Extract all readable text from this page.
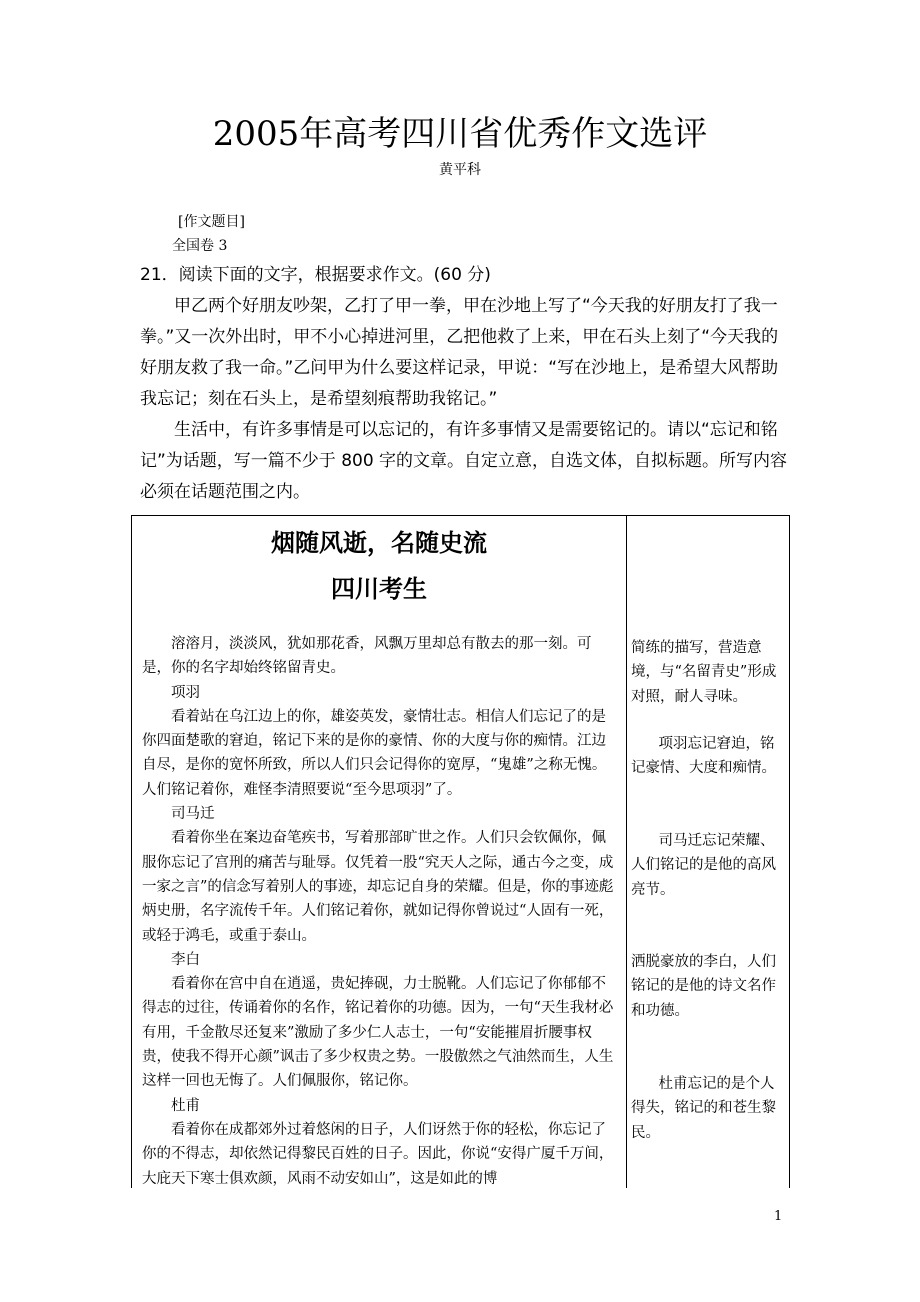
2005年高考四川省优秀作文选评
黄平科
[作文题目]
全国卷 3

21．阅读下面的文字，根据要求作文。(60 分)

甲乙两个好朋友吵架，乙打了甲一拳，甲在沙地上写了“今天我的好朋友打了我一拳。”又一次外出时，甲不小心掉进河里，乙把他救了上来，甲在石头上刻了“今天我的好朋友救了我一命。”乙问甲为什么要这样记录，甲说：“写在沙地上，是希望大风帮助我忘记；刻在石头上，是希望刻痕帮助我铭记。”

生活中，有许多事情是可以忘记的，有许多事情又是需要铭记的。请以“忘记和铭记”为话题，写一篇不少于 800 字的文章。自定立意，自选文体，自拟标题。所写内容必须在话题范围之内。

烟随风逝，名随史流
四川考生

溶溶月，淡淡风，犹如那花香，风飘万里却总有散去的那一刻。可是，你的名字却始终铭留青史。

项羽

看着站在乌江边上的你，雄姿英发，豪情壮志。相信人们忘记了的是你四面楚歌的窘迫，铭记下来的是你的豪情、你的大度与你的痴情。江边自尽，是你的宽怀所致，所以人们只会记得你的宽厚，“鬼雄”之称无愧。人们铭记着你，难怪李清照要说“至今思项羽”了。

司马迁

看着你坐在案边奋笔疾书，写着那部旷世之作。人们只会钦佩你，佩服你忘记了宫刑的痛苦与耻辱。仅凭着一股“究天人之际，通古今之变，成一家之言”的信念写着别人的事迹，却忘记自身的荣耀。但是，你的事迹彪炳史册，名字流传千年。人们铭记着你，就如记得你曾说过“人固有一死，或轻于鸿毛，或重于泰山。

李白

看着你在宫中自在逍遥，贵妃捧砚，力士脱靴。人们忘记了你郁郁不得志的过往，传诵着你的名作，铭记着你的功德。因为，一句“天生我材必有用，千金散尽还复来”激励了多少仁人志士，一句“安能摧眉折腰事权贵，使我不得开心颜”讽击了多少权贵之势。一股傲然之气油然而生，人生这样一回也无悔了。人们佩服你，铭记你。

杜甫

看着你在成都郊外过着悠闲的日子，人们讶然于你的轻松，你忘记了你的不得志，却依然记得黎民百姓的日子。因此，你说“安得广厦千万间，大庇天下寒士俱欢颜，风雨不动安如山”，这是如此的博

简练的描写，营造意境，与“名留青史”形成对照，耐人寻味。
项羽忘记窘迫，铭记豪情、大度和痴情。
司马迁忘记荣耀、人们铭记的是他的高风亮节。
洒脱豪放的李白，人们铭记的是他的诗文名作和功德。
杜甫忘记的是个人得失，铭记的和苍生黎民。
1
